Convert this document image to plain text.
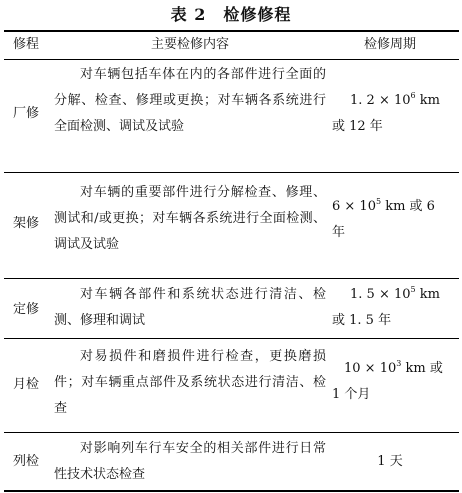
表 2　检修修程
修程	主要检修内容	检修周期
厂修
对车辆包括车体在内的各部件进行全面的分解、检查、修理或更换；对车辆各系统进行全面检测、调试及试验
1. $2 \times 10^6$ km
或 12 年
架修
对车辆的重要部件进行分解检查、修理、测试和/或更换；对车辆各系统进行全面检测、调试及试验
$6 \times 10^5$ km 或 6
年
定修
对车辆各部件和系统状态进行清洁、检测、修理和调试
1. $5 \times 10^5$ km
或 1. 5 年
月检
对易损件和磨损件进行检查，更换磨损件；对车辆重点部件及系统状态进行清洁、检查
$10 \times 10^3$ km 或
1 个月
列检
对影响列车行车安全的相关部件进行日常性技术状态检查
1 天
